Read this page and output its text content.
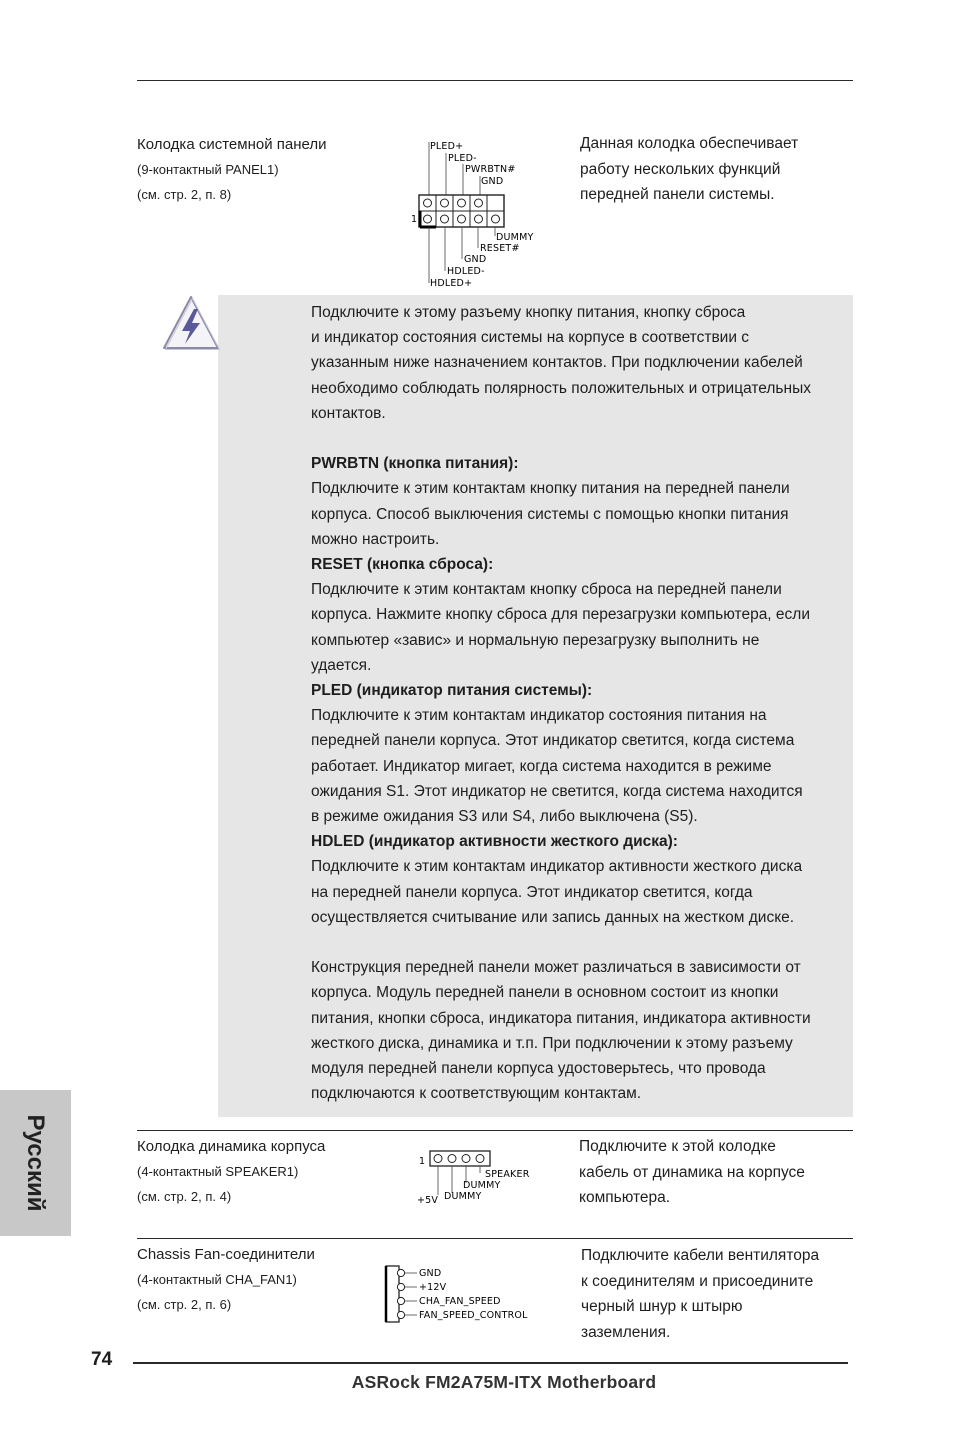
Колодка системной панели
(9-контактный PANEL1)
(см. стр. 2, п. 8)
Данная колодка обеспечивает
работу нескольких функций
передней панели системы.
PLED+
PLED-
PWRBTN#
GND
1
DUMMY
RESET#
GND
HDLED-
HDLED+

Подключите к этому разъему кнопку питания, кнопку сброса

и индикатор состояния системы на корпусе в соответствии с

указанным ниже назначением контактов. При подключении кабелей

необходимо соблюдать полярность положительных и отрицательных

контактов.

PWRBTN (кнопка питания):

Подключите к этим контактам кнопку питания на передней панели

корпуса. Способ выключения системы с помощью кнопки питания

можно настроить.

RESET (кнопка сброса):

Подключите к этим контактам кнопку сброса на передней панели

корпуса. Нажмите кнопку сброса для перезагрузки компьютера, если

компьютер «завис» и нормальную перезагрузку выполнить не

удается.

PLED (индикатор питания системы):

Подключите к этим контактам индикатор состояния питания на

передней панели корпуса. Этот индикатор светится, когда система

работает. Индикатор мигает, когда система находится в режиме

ожидания S1. Этот индикатор не светится, когда система находится

в режиме ожидания S3 или S4, либо выключена (S5).

HDLED (индикатор активности жесткого диска):

Подключите к этим контактам индикатор активности жесткого диска

на передней панели корпуса. Этот индикатор светится, когда

осуществляется считывание или запись данных на жестком диске.

Конструкция передней панели может различаться в зависимости от

корпуса. Модуль передней панели в основном состоит из кнопки

питания, кнопки сброса, индикатора питания, индикатора активности

жесткого диска, динамика и т.п. При подключении к этому разъему

модуля передней панели корпуса удостоверьтесь, что провода

подключаются к соответствующим контактам.

Колодка динамика корпуса
(4-контактный SPEAKER1)
(см. стр. 2, п. 4)
Подключите к этой колодке
кабель от динамика на корпусе
компьютера.
1
SPEAKER
DUMMY
DUMMY
+5V
Chassis Fan-соединители
(4-контактный CHA_FAN1)
(см. стр. 2, п. 6)
Подключите кабели вентилятора
к соединителям и присоедините
черный шнур к штырю
заземления.
GND
+12V
CHA_FAN_SPEED
FAN_SPEED_CONTROL
Русский
74
ASRock FM2A75M-ITX Motherboard
